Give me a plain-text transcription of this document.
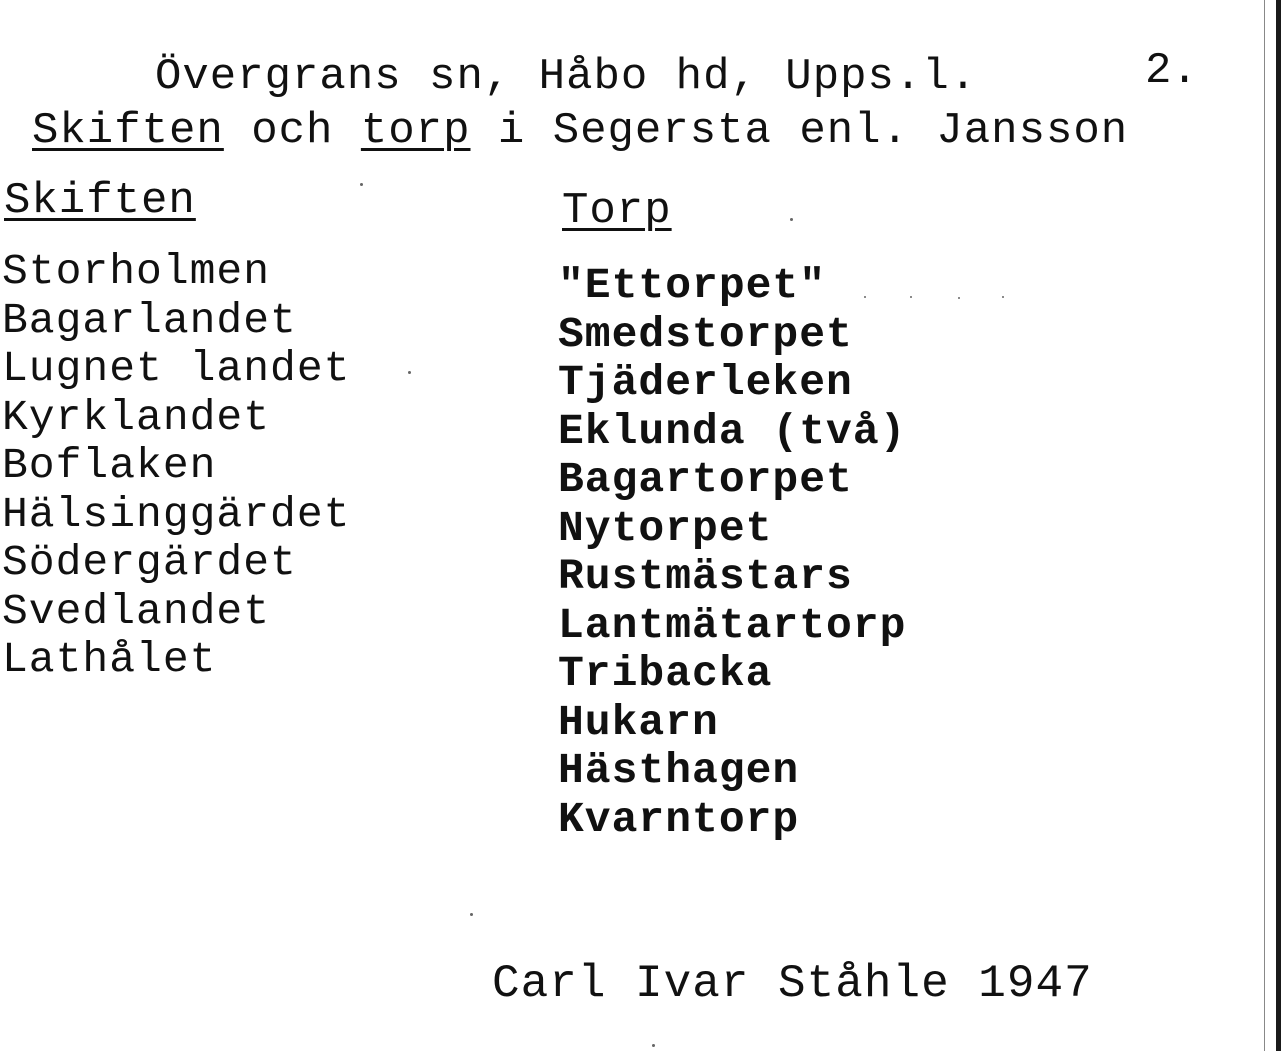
Övergrans sn, Håbo hd, Upps.l.	2.
Skiften och torp i Segersta enl. Jansson
Skiften	Torp
Storholmen
Bagarlandet
Lugnet landet
Kyrklandet
Boflaken
Hälsinggärdet
Södergärdet
Svedlandet
Lathålet
"Ettorpet"
Smedstorpet
Tjäderleken
Eklunda (två)
Bagartorpet
Nytorpet
Rustmästars
Lantmätartorp
Tribacka
Hukarn
Hästhagen
Kvarntorp
Carl Ivar Ståhle 1947
